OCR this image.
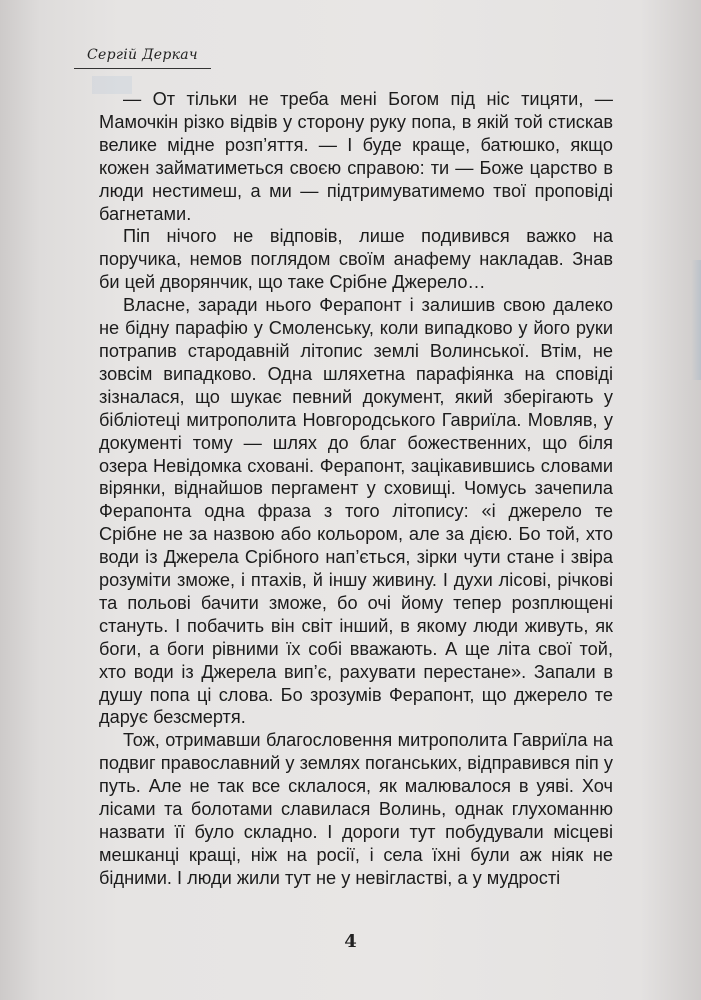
Сергій Деркач

— От тільки не треба мені Богом під ніс тицяти, — Мамочкін різко відвів у сторону руку попа, в якій той стискав велике мідне розп’яття. — І буде краще, батюшко, якщо кожен займатиметься своєю справою: ти — Боже царство в люди нестимеш, а ми — підтримуватимемо твої проповіді багнетами.

Піп нічого не відповів, лише подивився важко на поручика, немов поглядом своїм анафему накладав. Знав би цей дворянчик, що таке Срібне Джерело…

Власне, заради нього Ферапонт і залишив свою далеко не бідну парафію у Смоленську, коли випадково у його руки потрапив стародавній літопис землі Волинської. Втім, не зовсім випадково. Одна шляхетна парафіянка на сповіді зізналася, що шукає певний документ, який зберігають у бібліотеці митрополита Новгородського Гавриїла. Мовляв, у документі тому — шлях до благ божественних, що біля озера Невідомка сховані. Ферапонт, зацікавившись словами вірянки, віднайшов пергамент у сховищі. Чомусь зачепила Ферапонта одна фраза з того літопису: «і джерело те Срібне не за назвою або кольором, але за дією. Бо той, хто води із Джерела Срібного нап’ється, зірки чути стане і звіра розуміти зможе, і птахів, й іншу живину. І духи лісові, річкові та польові бачити зможе, бо очі йому тепер розплющені стануть. І побачить він світ інший, в якому люди живуть, як боги, а боги рівними їх собі вважають. А ще літа свої той, хто води із Джерела вип’є, рахувати перестане». Запали в душу попа ці слова. Бо зрозумів Ферапонт, що джерело те дарує безсмертя.

Тож, отримавши благословення митрополита Гавриїла на подвиг православний у землях поганських, відправився піп у путь. Але не так все склалося, як малювалося в уяві. Хоч лісами та болотами славилася Волинь, однак глухоманню назвати її було складно. І дороги тут побудували місцеві мешканці кращі, ніж на росії, і села їхні були аж ніяк не бідними. І люди жили тут не у невігластві, а у мудрості

4
